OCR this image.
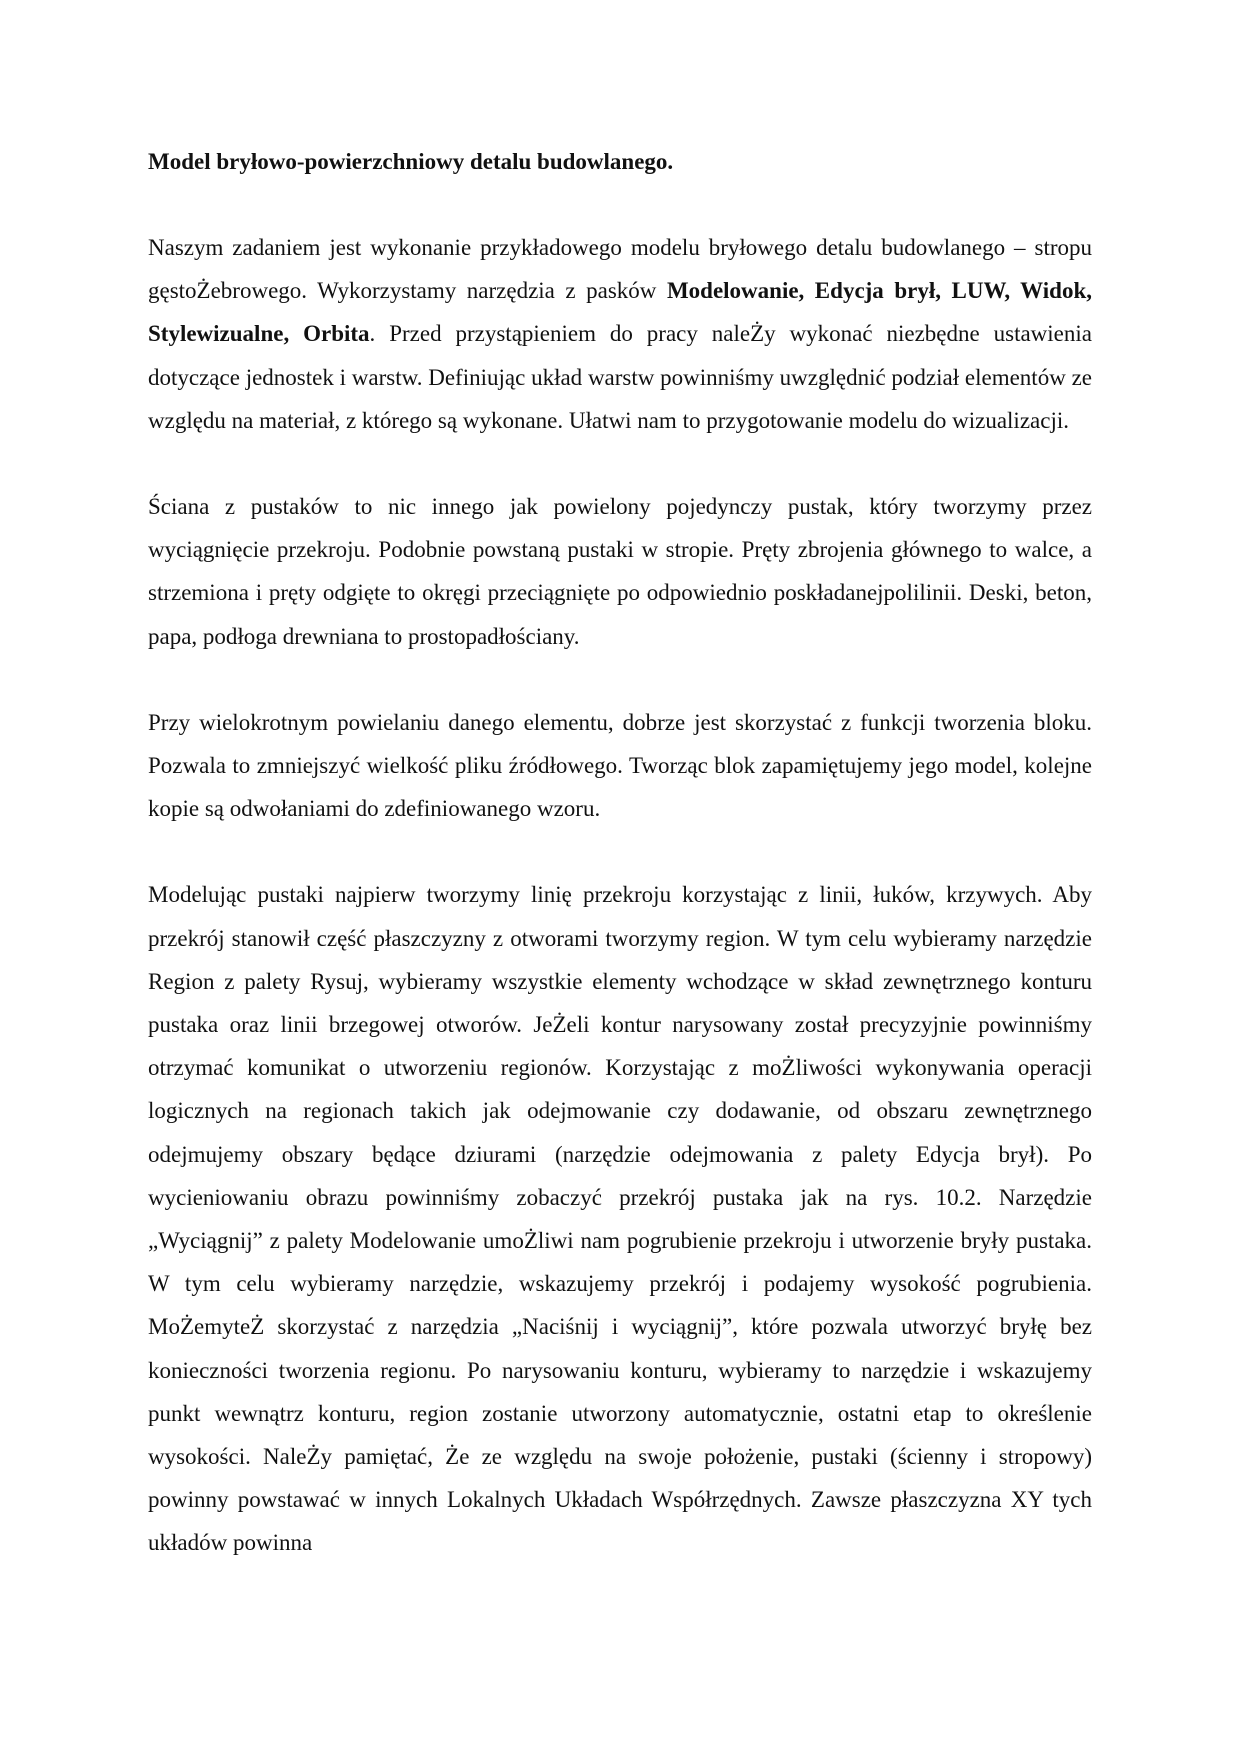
Model bryłowo-powierzchniowy detalu budowlanego.

Naszym zadaniem jest wykonanie przykładowego modelu bryłowego detalu budowlanego – stropu gęstoŻebrowego. Wykorzystamy narzędzia z pasków Modelowanie, Edycja brył, LUW, Widok, Stylewizualne, Orbita. Przed przystąpieniem do pracy naleŻy wykonać niezbędne ustawienia dotyczące jednostek i warstw. Definiując układ warstw powinniśmy uwzględnić podział elementów ze względu na materiał, z którego są wykonane. Ułatwi nam to przygotowanie modelu do wizualizacji.

Ściana z pustaków to nic innego jak powielony pojedynczy pustak, który tworzymy przez wyciągnięcie przekroju. Podobnie powstaną pustaki w stropie. Pręty zbrojenia głównego to walce, a strzemiona i pręty odgięte to okręgi przeciągnięte po odpowiednio poskładanejpolilinii. Deski, beton, papa, podłoga drewniana to prostopadłościany.

Przy wielokrotnym powielaniu danego elementu, dobrze jest skorzystać z funkcji tworzenia bloku. Pozwala to zmniejszyć wielkość pliku źródłowego. Tworząc blok zapamiętujemy jego model, kolejne kopie są odwołaniami do zdefiniowanego wzoru.

Modelując pustaki najpierw tworzymy linię przekroju korzystając z linii, łuków, krzywych. Aby przekrój stanowił część płaszczyzny z otworami tworzymy region. W tym celu wybieramy narzędzie Region z palety Rysuj, wybieramy wszystkie elementy wchodzące w skład zewnętrznego konturu pustaka oraz linii brzegowej otworów. JeŻeli kontur narysowany został precyzyjnie powinniśmy otrzymać komunikat o utworzeniu regionów. Korzystając z moŻliwości wykonywania operacji logicznych na regionach takich jak odejmowanie czy dodawanie, od obszaru zewnętrznego odejmujemy obszary będące dziurami (narzędzie odejmowania z palety Edycja brył). Po wycieniowaniu obrazu powinniśmy zobaczyć przekrój pustaka jak na rys. 10.2. Narzędzie „Wyciągnij” z palety Modelowanie umoŻliwi nam pogrubienie przekroju i utworzenie bryły pustaka. W tym celu wybieramy narzędzie, wskazujemy przekrój i podajemy wysokość pogrubienia. MoŻemyteŻ skorzystać z narzędzia „Naciśnij i wyciągnij”, które pozwala utworzyć bryłę bez konieczności tworzenia regionu. Po narysowaniu konturu, wybieramy to narzędzie i wskazujemy punkt wewnątrz konturu, region zostanie utworzony automatycznie, ostatni etap to określenie wysokości. NaleŻy pamiętać, Że ze względu na swoje położenie, pustaki (ścienny i stropowy) powinny powstawać w innych Lokalnych Układach Współrzędnych. Zawsze płaszczyzna XY tych układów powinna
